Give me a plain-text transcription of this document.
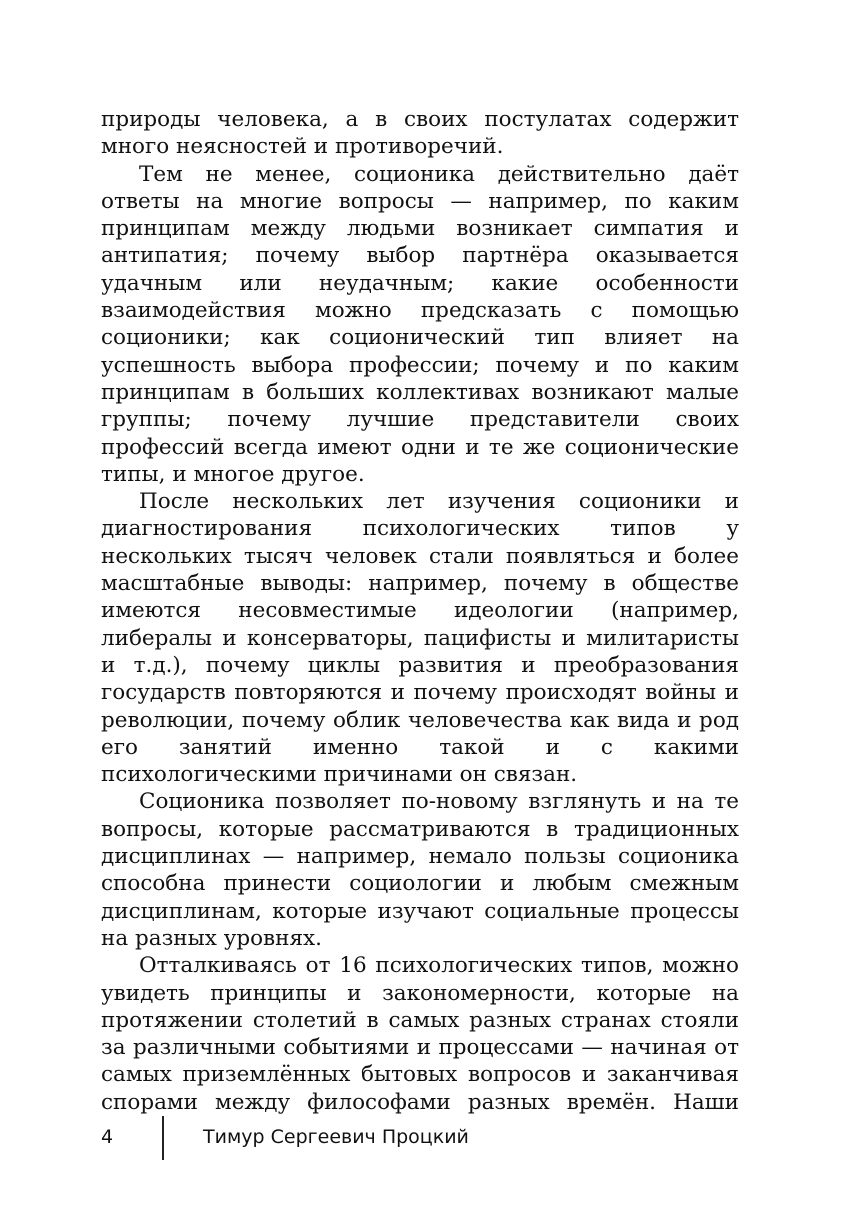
природы человека, а в своих постулатах содержит много неясностей и противоречий.

Тем не менее, соционика действительно даёт ответы на многие вопросы — например, по каким принципам между людьми возникает симпатия и антипатия; почему выбор партнёра оказывается удачным или неудачным; какие особенности взаимодействия можно предсказать с помощью соционики; как соционический тип влияет на успешность выбора профессии; почему и по каким принципам в больших коллективах возникают малые группы; почему лучшие представители своих профессий всегда имеют одни и те же соционические типы, и многое другое.

После нескольких лет изучения соционики и диагностирования психологических типов у нескольких тысяч человек стали появляться и более масштабные выводы: например, почему в обществе имеются несовместимые идеологии (например, либералы и консерваторы, пацифисты и милитаристы и т.д.), почему циклы развития и преобразования государств повторяются и почему происходят войны и революции, почему облик человечества как вида и род его занятий именно такой и с какими психологическими причинами он связан.

Соционика позволяет по-новому взглянуть и на те вопросы, которые рассматриваются в традиционных дисциплинах — например, немало пользы соционика способна принести социологии и любым смежным дисциплинам, которые изучают социальные процессы на разных уровнях.

Отталкиваясь от 16 психологических типов, можно увидеть принципы и закономерности, которые на протяжении столетий в самых разных странах стояли за различными событиями и процессами — начиная от самых приземлённых бытовых вопросов и заканчивая спорами между философами разных времён. Наши

4	Тимур Сергеевич Процкий
